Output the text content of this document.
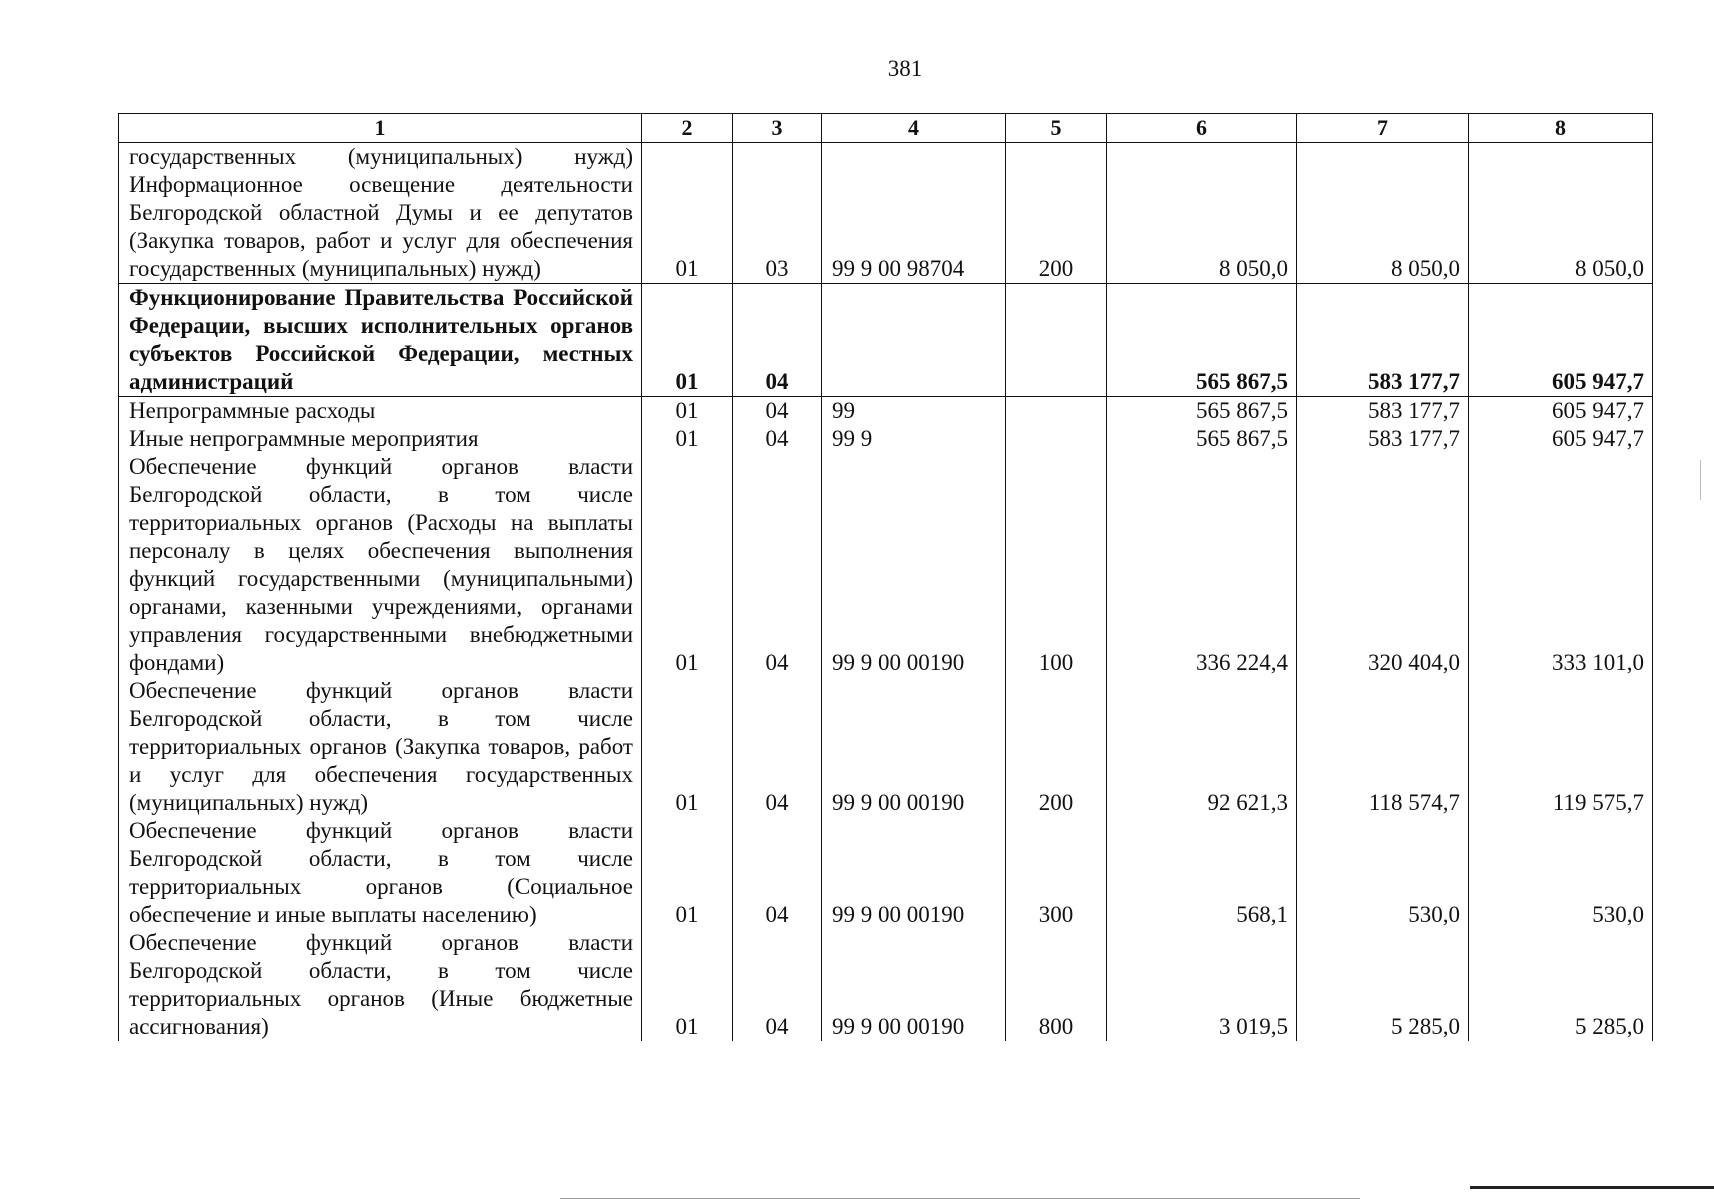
381
1	2	3	4	5	6	7	8
государственных (муниципальных) нужд) Информационное освещение деятельности Белгородской областной Думы и ее депутатов (Закупка товаров, работ и услуг для обеспечения государственных (муниципальных) нужд)	01	03	99 9 00 98704	200	8 050,0	8 050,0	8 050,0
Функционирование Правительства Российской Федерации, высших исполнительных органов субъектов Российской Федерации, местных администраций	01	04			565 867,5	583 177,7	605 947,7
Непрограммные расходы	01	04	99		565 867,5	583 177,7	605 947,7
Иные непрограммные мероприятия	01	04	99 9		565 867,5	583 177,7	605 947,7
Обеспечение функций органов власти Белгородской области, в том числе территориальных органов (Расходы на выплаты персоналу в целях обеспечения выполнения функций государственными (муниципальными) органами, казенными учреждениями, органами управления государственными внебюджетными фондами)	01	04	99 9 00 00190	100	336 224,4	320 404,0	333 101,0
Обеспечение функций органов власти Белгородской области, в том числе территориальных органов (Закупка товаров, работ и услуг для обеспечения государственных (муниципальных) нужд)	01	04	99 9 00 00190	200	92 621,3	118 574,7	119 575,7
Обеспечение функций органов власти Белгородской области, в том числе территориальных органов (Социальное обеспечение и иные выплаты населению)	01	04	99 9 00 00190	300	568,1	530,0	530,0
Обеспечение функций органов власти Белгородской области, в том числе территориальных органов (Иные бюджетные ассигнования)	01	04	99 9 00 00190	800	3 019,5	5 285,0	5 285,0
